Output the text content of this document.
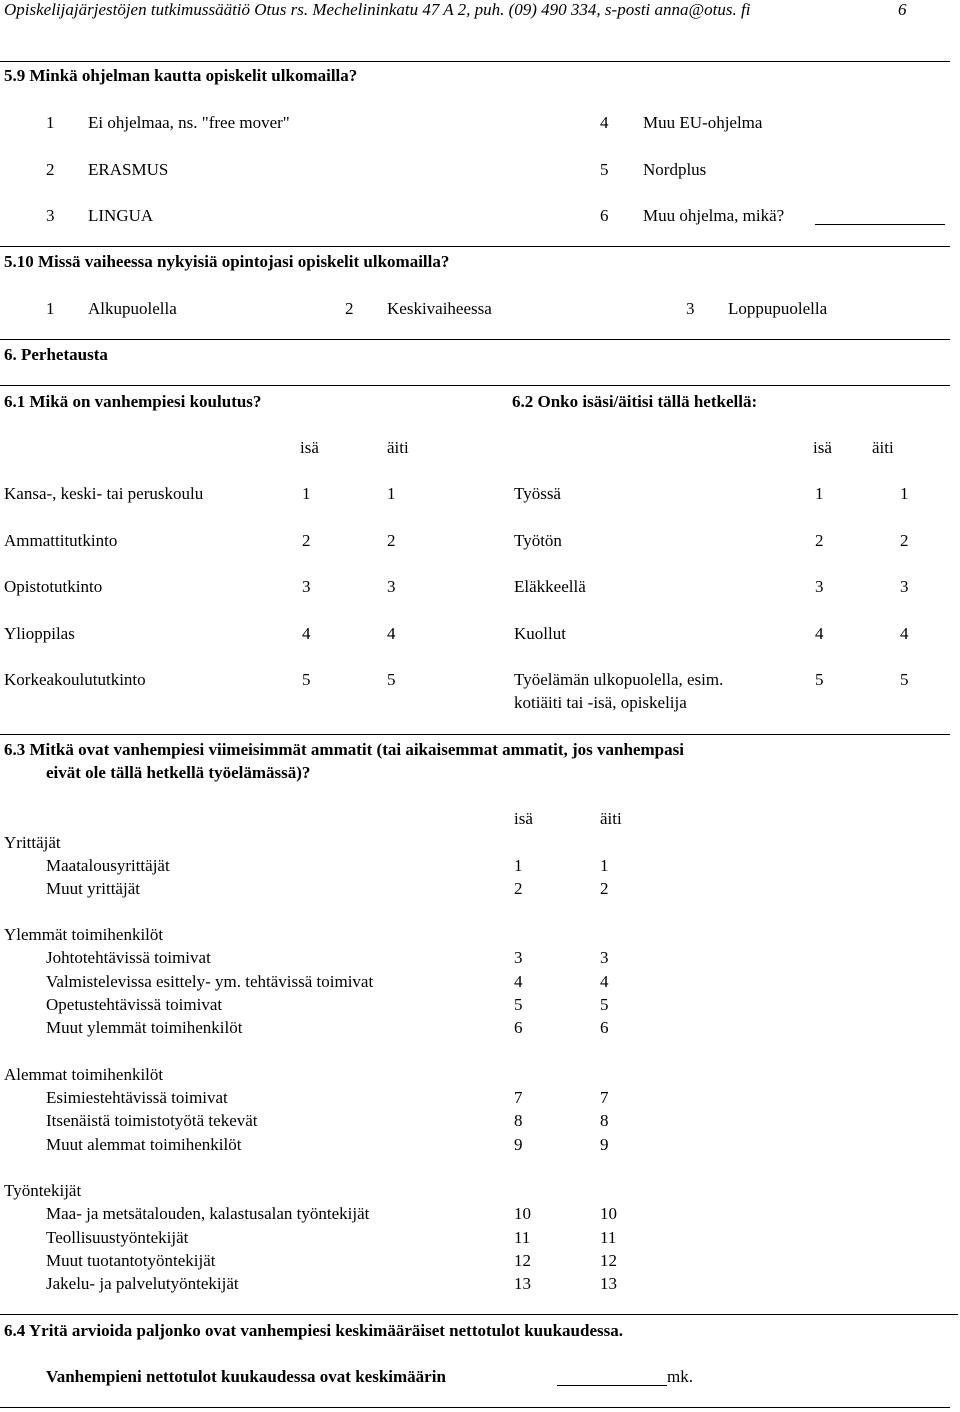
Opiskelijajärjestöjen tutkimussäätiö Otus rs. Mechelininkatu 47 A 2, puh. (09) 490 334, s-posti anna@otus. fi	6
5.9 Minkä ohjelman kautta opiskelit ulkomailla?
1 Ei ohjelmaa, ns. "free mover"
2 ERASMUS
3 LINGUA
4 Muu EU-ohjelma
5 Nordplus
6 Muu ohjelma, mikä?
5.10 Missä vaiheessa nykyisiä opintojasi opiskelit ulkomailla?
1 Alkupuolella	2 Keskivaiheessa	3 Loppupuolella
6. Perhetausta
6.1 Mikä on vanhempiesi koulutus?	6.2 Onko isäsi/äitisi tällä hetkellä:
isä	äiti	isä äiti
Kansa-, keski- tai peruskoulu	1	1
Ammattitutkinto	2	2
Opistotutkinto	3	3
Ylioppilas	4	4
Korkeakoulututkinto	5	5
Työssä	1	1
Työtön	2	2
Eläkkeellä	3	3
Kuollut	4	4
Työelämän ulkopuolella, esim.
kotiäiti tai -isä, opiskelija
5	5
6.3 Mitkä ovat vanhempiesi viimeisimmät ammatit (tai aikaisemmat ammatit, jos vanhempasi
eivät ole tällä hetkellä työelämässä)?
isä	äiti
Yrittäjät
Maatalousyrittäjät	1	1
Muut yrittäjät	2	2
Ylemmät toimihenkilöt
Johtotehtävissä toimivat	3	3
Valmistelevissa esittely- ym. tehtävissä toimivat	4	4
Opetustehtävissä toimivat	5	5
Muut ylemmät toimihenkilöt	6	6
Alemmat toimihenkilöt
Esimiestehtävissä toimivat	7	7
Itsenäistä toimistotyötä tekevät	8	8
Muut alemmat toimihenkilöt	9	9
Työntekijät
Maa- ja metsätalouden, kalastusalan työntekijät	10	10
Teollisuustyöntekijät	11	11
Muut tuotantotyöntekijät	12	12
Jakelu- ja palvelutyöntekijät	13	13
6.4 Yritä arvioida paljonko ovat vanhempiesi keskimääräiset nettotulot kuukaudessa.
Vanhempieni nettotulot kuukaudessa ovat keskimäärin	mk.
